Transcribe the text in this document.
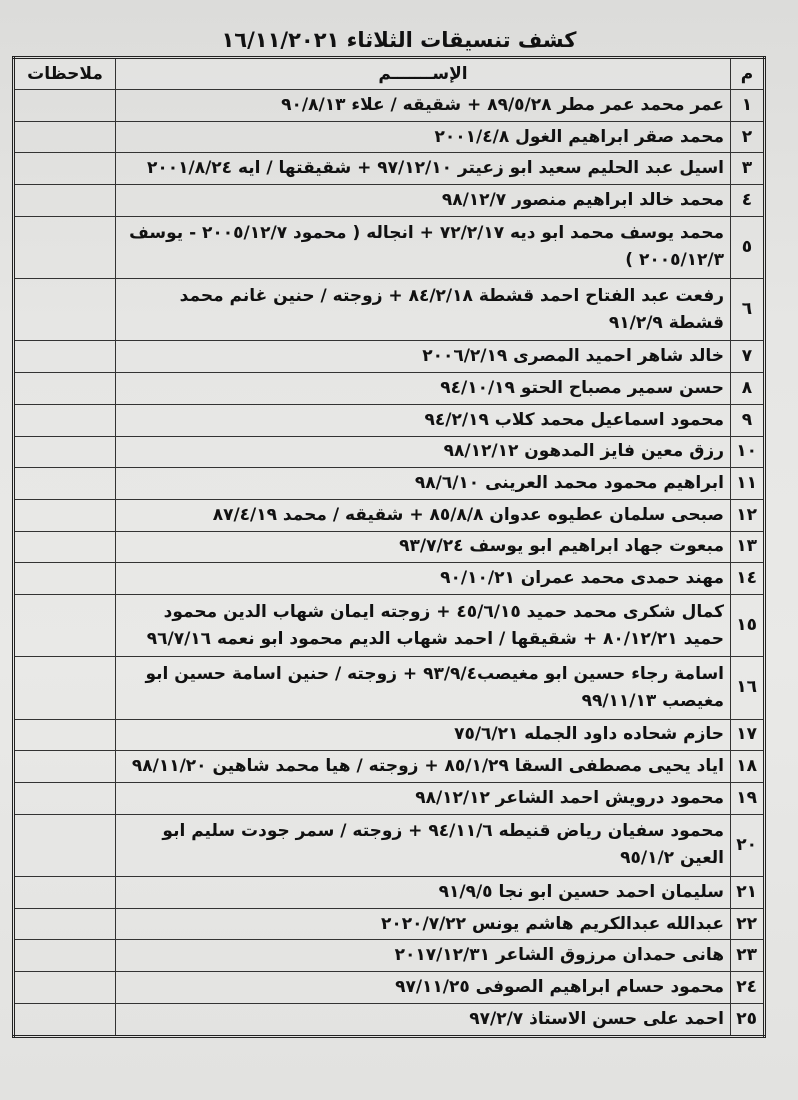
كشف تنسيقات الثلاثاء ١٦/١١/٢٠٢١
م	الإســـــــم	ملاحظات
١	عمر محمد عمر مطر ٨٩/٥/٢٨ + شقيقه / علاء ٩٠/٨/١٣	
٢	محمد صقر ابراهيم الغول ٢٠٠١/٤/٨	
٣	اسيل عبد الحليم سعيد ابو زعيتر ٩٧/١٢/١٠ + شقيقتها / ايه ٢٠٠١/٨/٢٤	
٤	محمد خالد ابراهيم منصور ٩٨/١٢/٧	
٥	محمد يوسف محمد ابو ديه ٧٢/٢/١٧ + انجاله ( محمود ٢٠٠٥/١٢/٧ - يوسف ٢٠٠٥/١٢/٣ )	
٦	رفعت عبد الفتاح احمد قشطة ٨٤/٢/١٨ + زوجته / حنين غانم محمد قشطة ٩١/٢/٩	
٧	خالد شاهر احميد المصرى ٢٠٠٦/٢/١٩	
٨	حسن سمير مصباح الحتو ٩٤/١٠/١٩	
٩	محمود اسماعيل محمد كلاب ٩٤/٢/١٩	
١٠	رزق معين فايز المدهون ٩٨/١٢/١٢	
١١	ابراهيم محمود محمد العرينى ٩٨/٦/١٠	
١٢	صبحى سلمان عطيوه عدوان ٨٥/٨/٨ + شقيقه / محمد ٨٧/٤/١٩	
١٣	مبعوت جهاد ابراهيم ابو يوسف ٩٣/٧/٢٤	
١٤	مهند حمدى محمد عمران ٩٠/١٠/٢١	
١٥	كمال شكرى محمد حميد ٤٥/٦/١٥ + زوجته ايمان شهاب الدين محمود حميد ٨٠/١٢/٢١ + شقيقها / احمد شهاب الديم محمود ابو نعمه ٩٦/٧/١٦	
١٦	اسامة رجاء حسين ابو مغيصب٩٣/٩/٤ + زوجته / حنين اسامة حسين ابو مغيصب ٩٩/١١/١٣	
١٧	حازم شحاده داود الجمله ٧٥/٦/٢١	
١٨	اياد يحيى مصطفى السقا ٨٥/١/٢٩ + زوجته / هيا محمد شاهين ٩٨/١١/٢٠	
١٩	محمود درويش احمد الشاعر ٩٨/١٢/١٢	
٢٠	محمود سفيان رياض قنيطه ٩٤/١١/٦ + زوجته / سمر جودت سليم ابو العين ٩٥/١/٢	
٢١	سليمان احمد حسين ابو نجا ٩١/٩/٥	
٢٢	عبدالله عبدالكريم هاشم يونس ٢٠٢٠/٧/٢٢	
٢٣	هانى حمدان مرزوق الشاعر ٢٠١٧/١٢/٣١	
٢٤	محمود حسام ابراهيم الصوفى ٩٧/١١/٢٥	
٢٥	احمد على حسن الاستاذ ٩٧/٢/٧	
